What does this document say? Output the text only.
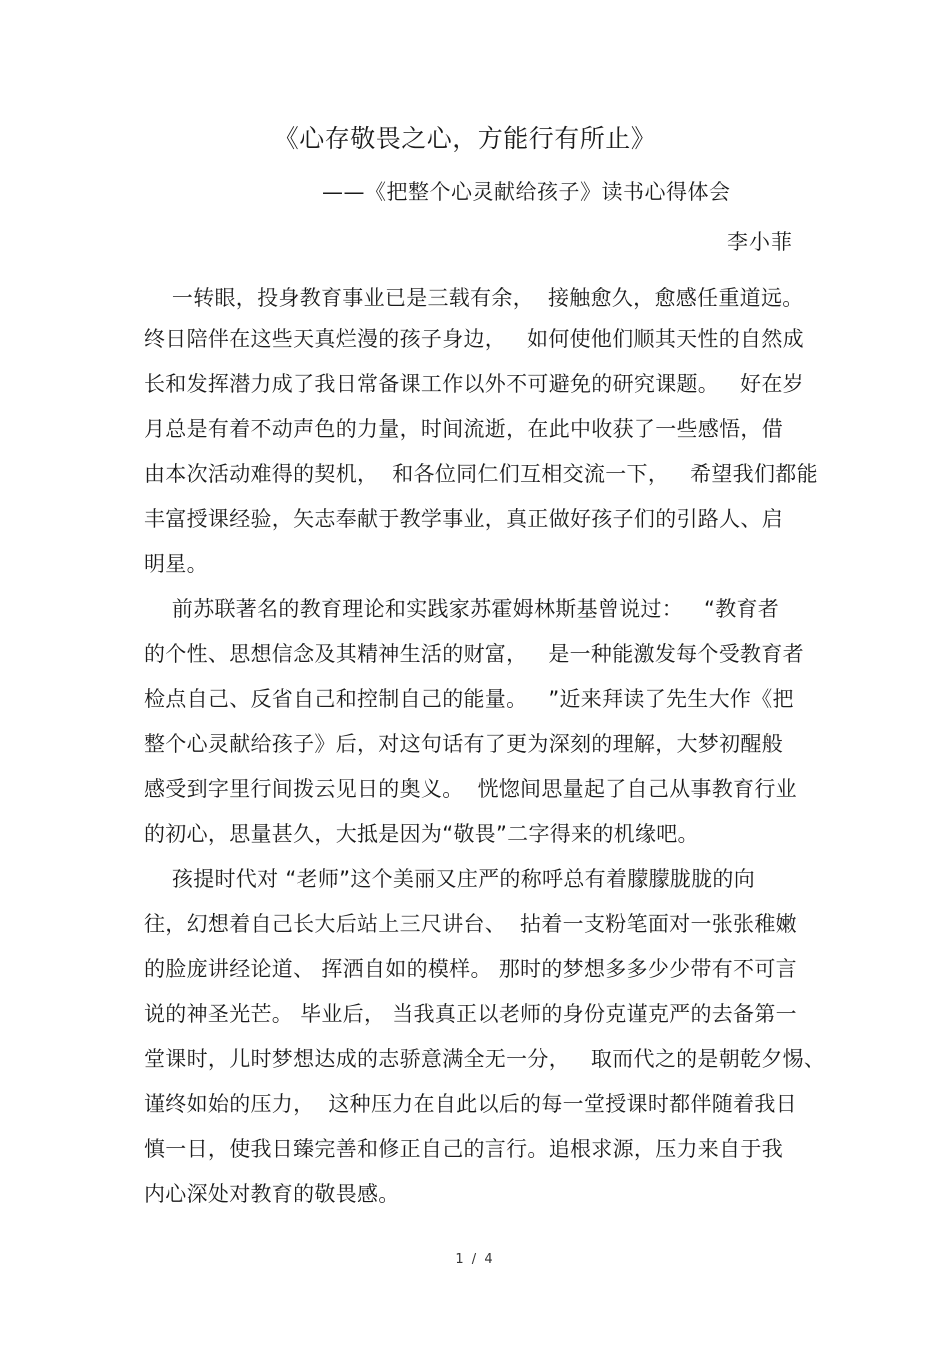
《心存敬畏之心，方能行有所止》
——《把整个心灵献给孩子》读书心得体会
李小菲
一转眼，投身教育事业已是三载有余，  接触愈久，愈感任重道远。
终日陪伴在这些天真烂漫的孩子身边，   如何使他们顺其天性的自然成
长和发挥潜力成了我日常备课工作以外不可避免的研究课题。   好在岁
月总是有着不动声色的力量，时间流逝，在此中收获了一些感悟，借
由本次活动难得的契机，  和各位同仁们互相交流一下，   希望我们都能
丰富授课经验，矢志奉献于教学事业，真正做好孩子们的引路人、启
明星。
前苏联著名的教育理论和实践家苏霍姆林斯基曾说过：   “教育者
的个性、思想信念及其精神生活的财富，   是一种能激发每个受教育者
检点自己、反省自己和控制自己的能量。   ”近来拜读了先生大作《把
整个心灵献给孩子》后，对这句话有了更为深刻的理解，大梦初醒般
感受到字里行间拨云见日的奥义。  恍惚间思量起了自己从事教育行业
的初心，思量甚久，大抵是因为“敬畏”二字得来的机缘吧。
孩提时代对 “老师”这个美丽又庄严的称呼总有着朦朦胧胧的向
往，幻想着自己长大后站上三尺讲台、  拈着一支粉笔面对一张张稚嫩
的脸庞讲经论道、 挥洒自如的模样。 那时的梦想多多少少带有不可言
说的神圣光芒。 毕业后， 当我真正以老师的身份克谨克严的去备第一
堂课时，儿时梦想达成的志骄意满全无一分，   取而代之的是朝乾夕惕、
谨终如始的压力，  这种压力在自此以后的每一堂授课时都伴随着我日
慎一日，使我日臻完善和修正自己的言行。追根求源，压力来自于我
内心深处对教育的敬畏感。
1 / 4
